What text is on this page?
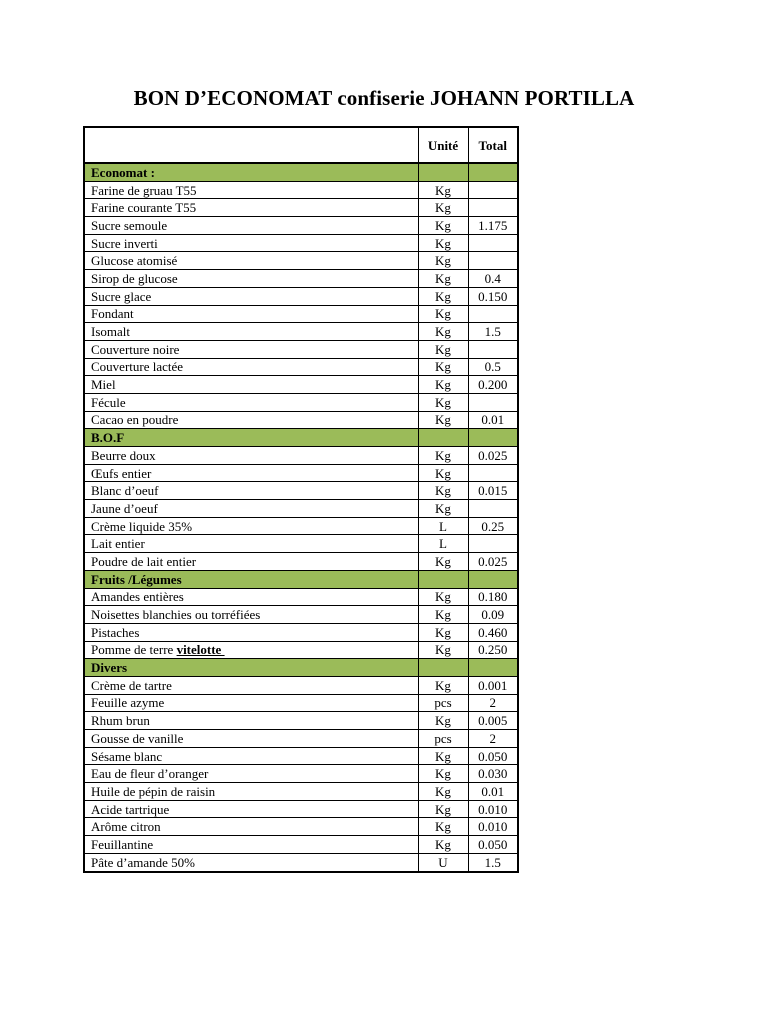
BON D’ECONOMAT confiserie JOHANN PORTILLA
	Unité	Total
Economat :		
Farine de gruau T55	Kg	
Farine courante T55	Kg	
Sucre semoule	Kg	1.175
Sucre inverti	Kg	
Glucose atomisé	Kg	
Sirop de glucose	Kg	0.4
Sucre glace	Kg	0.150
Fondant	Kg	
Isomalt	Kg	1.5
Couverture noire	Kg	
Couverture lactée	Kg	0.5
Miel	Kg	0.200
Fécule	Kg	
Cacao en poudre	Kg	0.01
B.O.F		
Beurre doux	Kg	0.025
Œufs entier	Kg	
Blanc d’oeuf	Kg	0.015
Jaune d’oeuf	Kg	
Crème liquide 35%	L	0.25
Lait entier	L	
Poudre de lait entier	Kg	0.025
Fruits /Légumes		
Amandes entières	Kg	0.180
Noisettes blanchies ou torréfiées	Kg	0.09
Pistaches	Kg	0.460
Pomme de terre vitelotte	Kg	0.250
Divers		
Crème de tartre	Kg	0.001
Feuille azyme	pcs	2
Rhum brun	Kg	0.005
Gousse de vanille	pcs	2
Sésame blanc	Kg	0.050
Eau de fleur d’oranger	Kg	0.030
Huile de pépin de raisin	Kg	0.01
Acide tartrique	Kg	0.010
Arôme citron	Kg	0.010
Feuillantine	Kg	0.050
Pâte d’amande 50%	U	1.5
